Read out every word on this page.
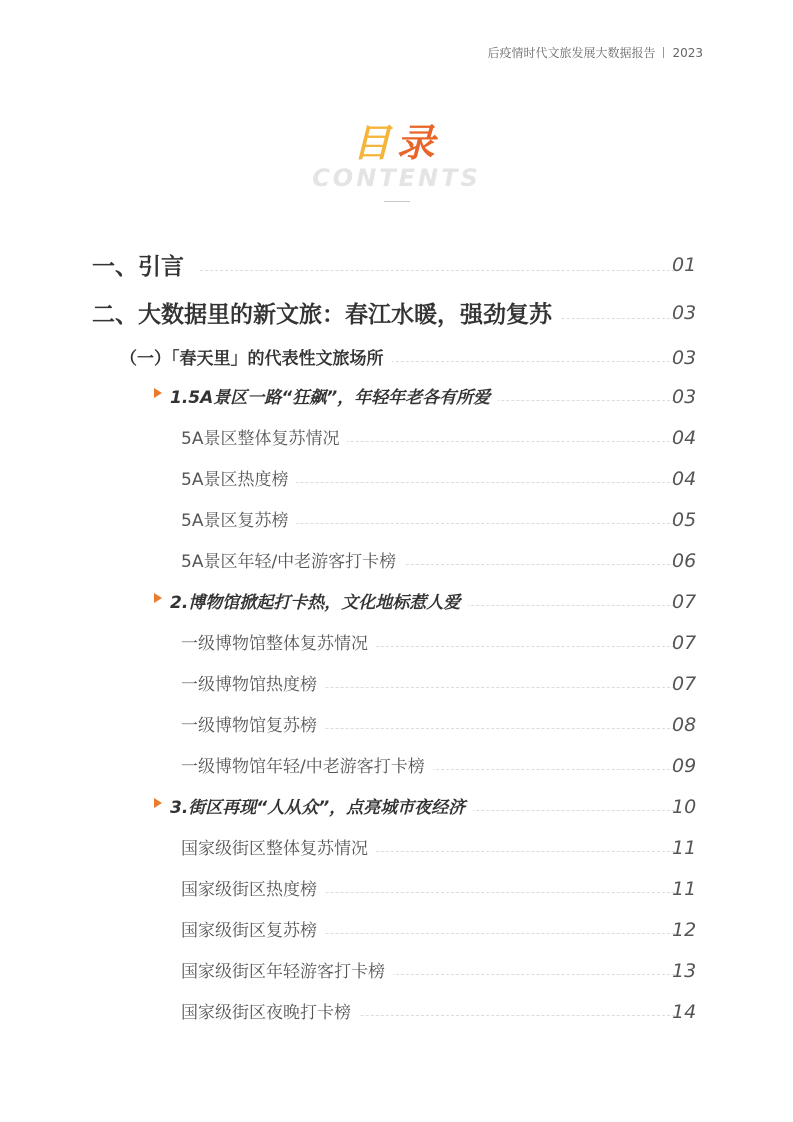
后疫情时代文旅发展大数据报告 2023
目录
CONTENTS
一、引言	01
二、大数据里的新文旅：春江水暖，强劲复苏	03
（一）「春天里」的代表性文旅场所	03
1.5A景区一路“狂飙”，年轻年老各有所爱	03
5A景区整体复苏情况	04
5A景区热度榜	04
5A景区复苏榜	05
5A景区年轻/中老游客打卡榜	06
2.博物馆掀起打卡热，文化地标惹人爱	07
一级博物馆整体复苏情况	07
一级博物馆热度榜	07
一级博物馆复苏榜	08
一级博物馆年轻/中老游客打卡榜	09
3.街区再现“人从众”，点亮城市夜经济	10
国家级街区整体复苏情况	11
国家级街区热度榜	11
国家级街区复苏榜	12
国家级街区年轻游客打卡榜	13
国家级街区夜晚打卡榜	14
